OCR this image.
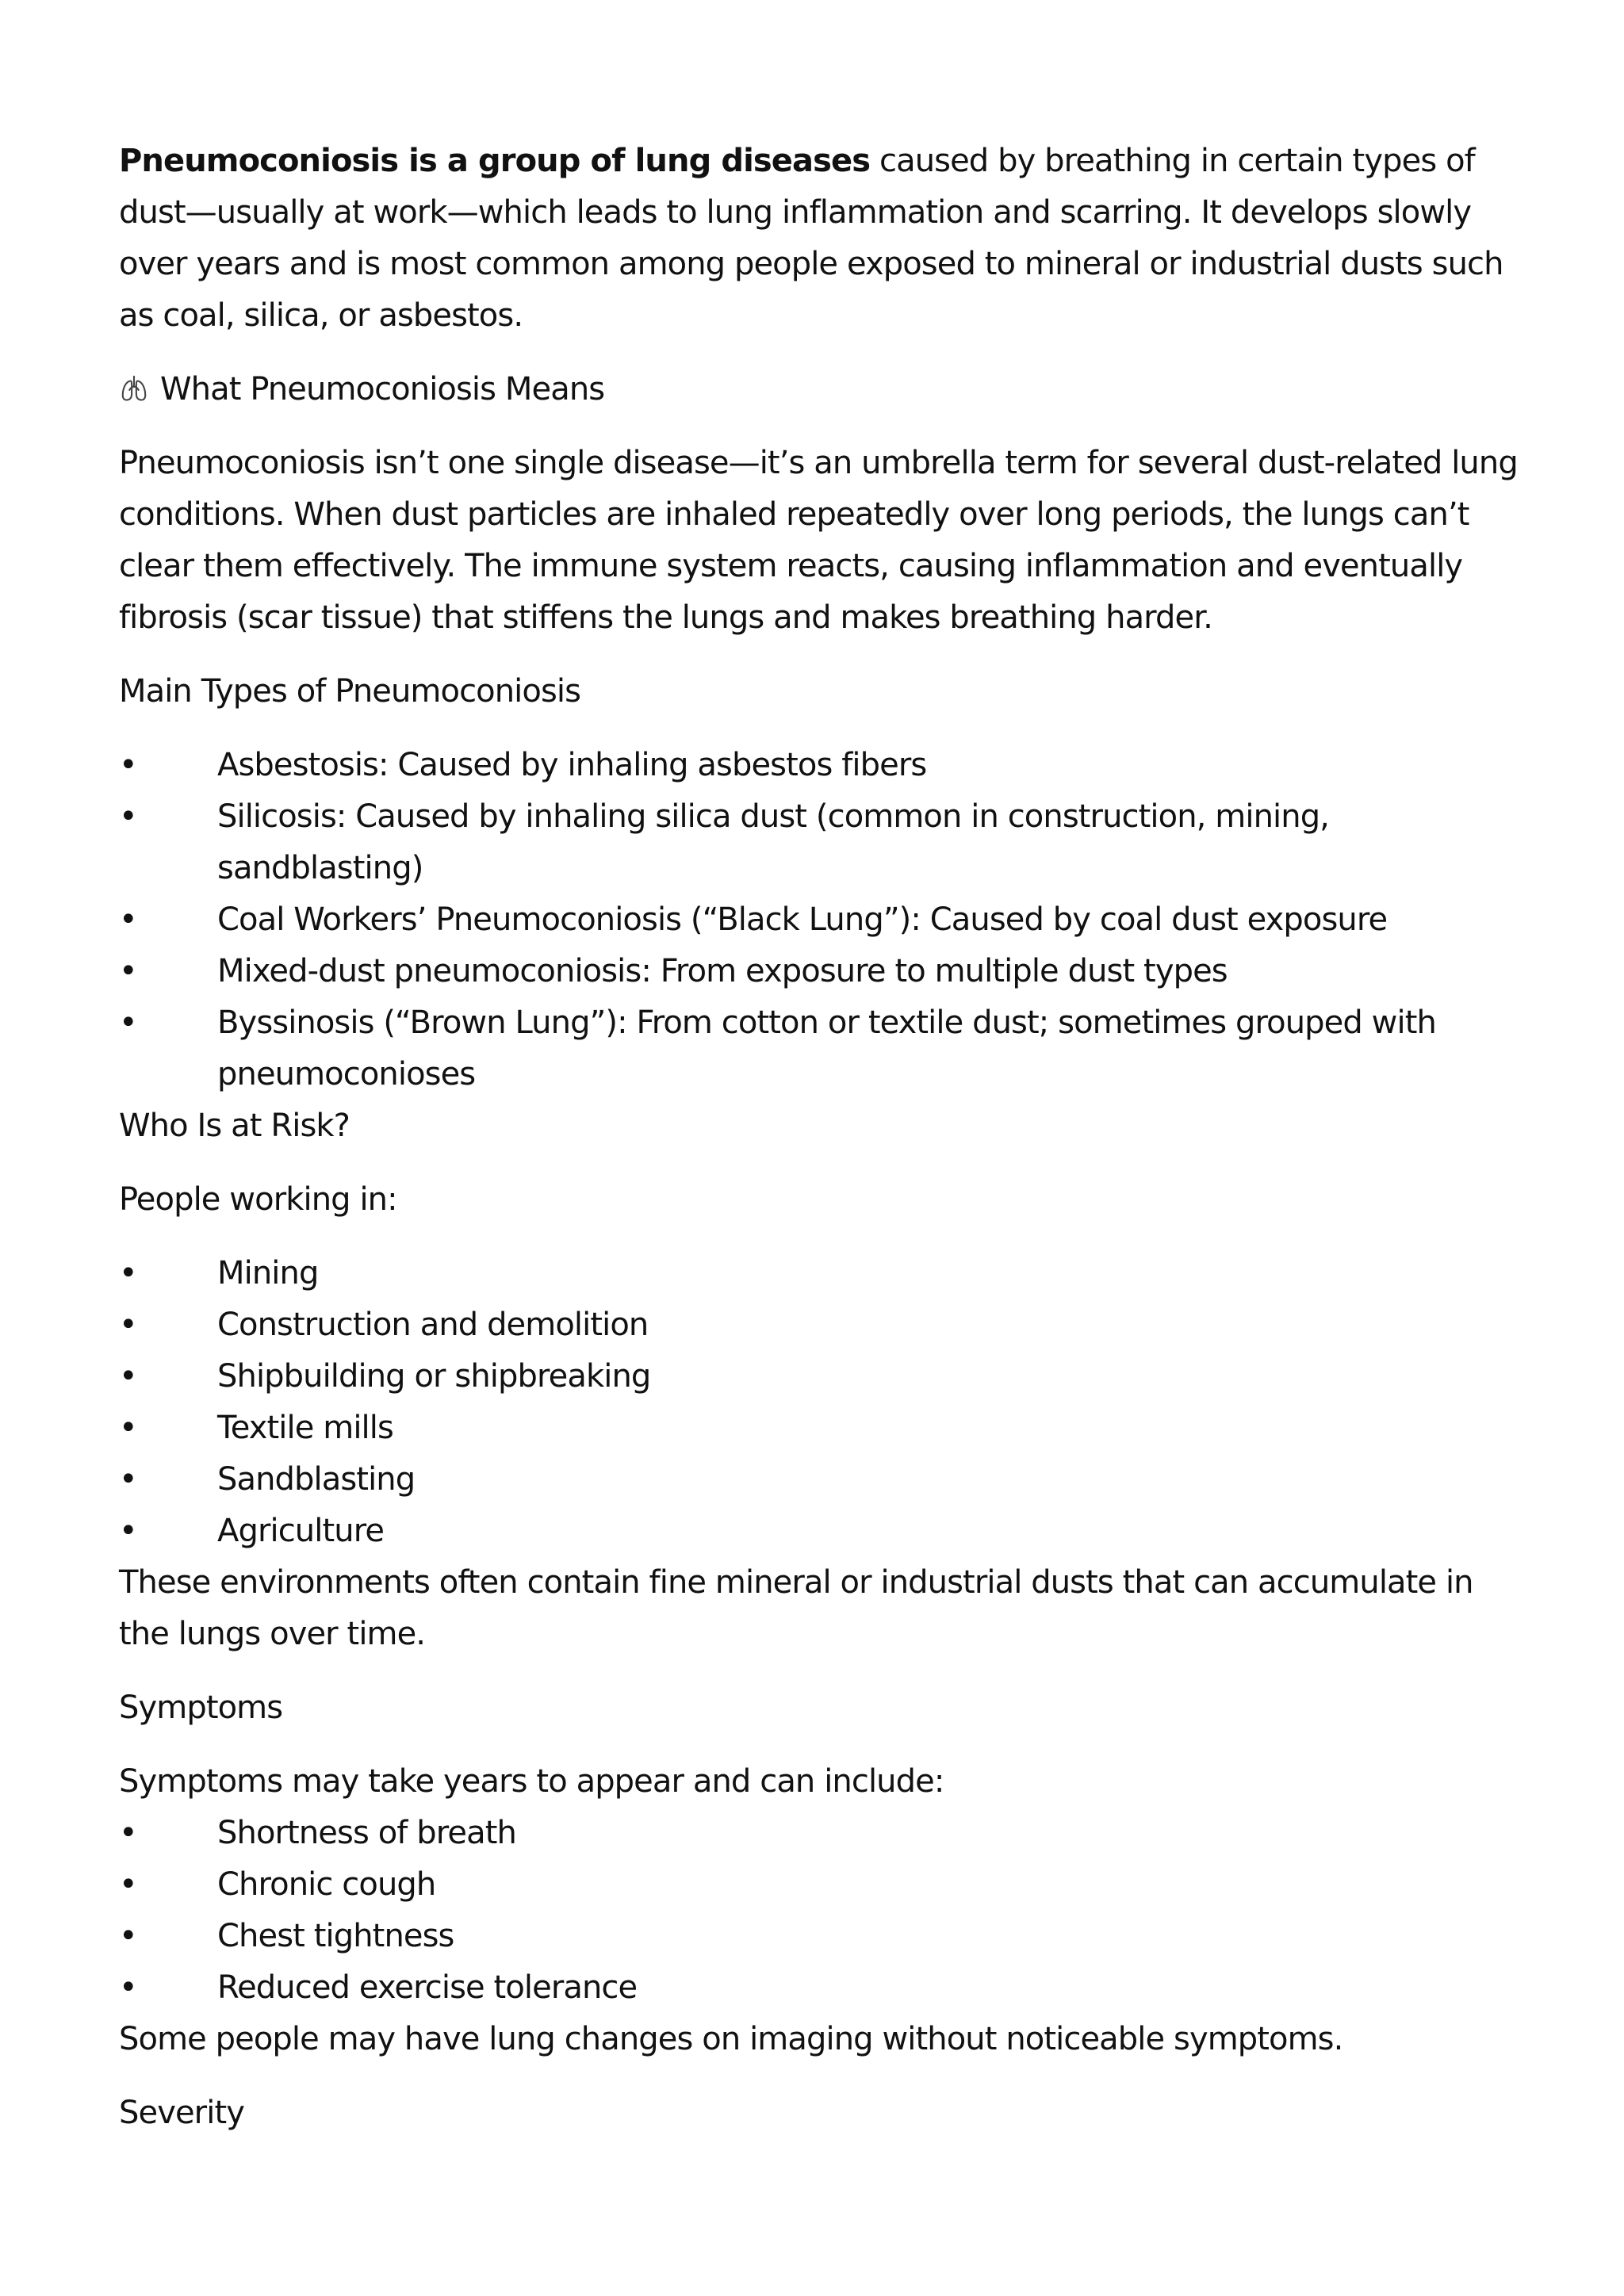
Pneumoconiosis is a group of lung diseases caused by breathing in certain types of dust—usually at work—which leads to lung inflammation and scarring. It develops slowly over years and is most common among people exposed to mineral or industrial dusts such as coal, silica, or asbestos.

What Pneumoconiosis Means

Pneumoconiosis isn’t one single disease—it’s an umbrella term for several dust-related lung conditions. When dust particles are inhaled repeatedly over long periods, the lungs can’t clear them effectively. The immune system reacts, causing inflammation and eventually fibrosis (scar tissue) that stiffens the lungs and makes breathing harder.

Main Types of Pneumoconiosis

•	Asbestosis: Caused by inhaling asbestos fibers
•	Silicosis: Caused by inhaling silica dust (common in construction, mining, sandblasting)
•	Coal Workers’ Pneumoconiosis (“Black Lung”): Caused by coal dust exposure
•	Mixed-dust pneumoconiosis: From exposure to multiple dust types
•	Byssinosis (“Brown Lung”): From cotton or textile dust; sometimes grouped with pneumoconioses

Who Is at Risk?

People working in:

•	Mining
•	Construction and demolition
•	Shipbuilding or shipbreaking
•	Textile mills
•	Sandblasting
•	Agriculture

These environments often contain fine mineral or industrial dusts that can accumulate in the lungs over time.

Symptoms

Symptoms may take years to appear and can include:

•	Shortness of breath
•	Chronic cough
•	Chest tightness
•	Reduced exercise tolerance

Some people may have lung changes on imaging without noticeable symptoms.

Severity
